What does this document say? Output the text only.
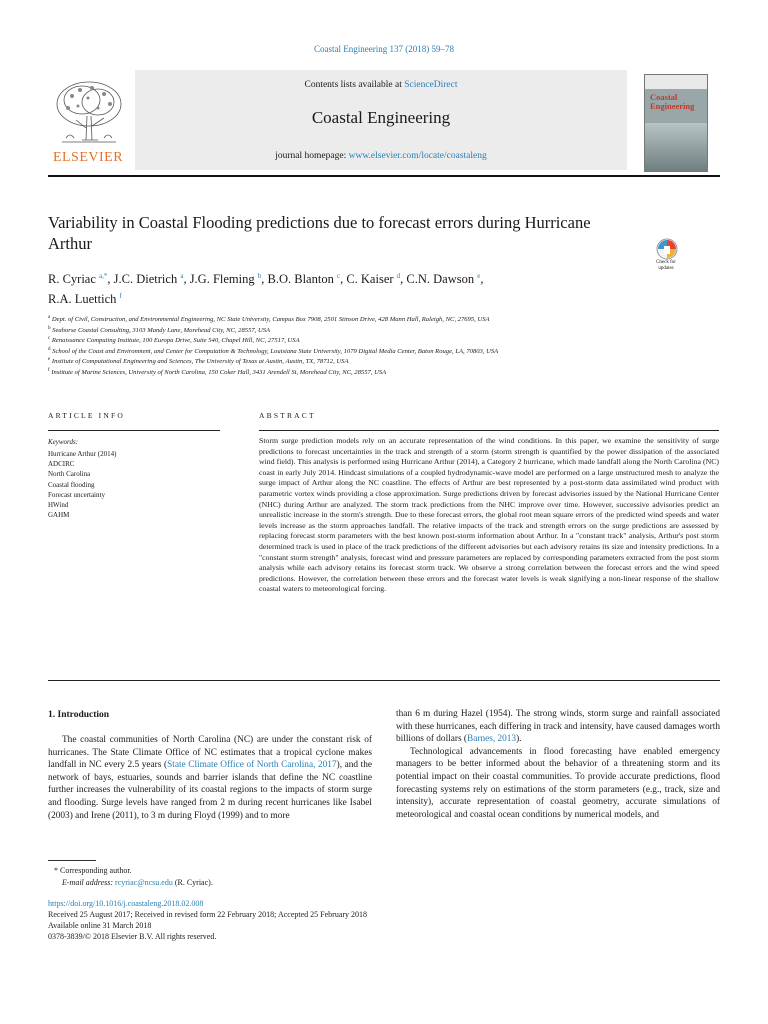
Coastal Engineering 137 (2018) 59–78
ELSEVIER
Contents lists available at ScienceDirect
Coastal Engineering
journal homepage: www.elsevier.com/locate/coastaleng
Coastal
Engineering
Variability in Coastal Flooding predictions due to forecast errors during Hurricane Arthur
Check for updates
R. Cyriac $^{a,*}$, J.C. Dietrich $^a$, J.G. Fleming $^b$, B.O. Blanton $^c$, C. Kaiser $^d$, C.N. Dawson $^e$,
R.A. Luettich $^f$
$^a$ Dept. of Civil, Construction, and Environmental Engineering, NC State University, Campus Box 7908, 2501 Stinson Drive, 428 Mann Hall, Raleigh, NC, 27695, USA
$^b$ Seahorse Coastal Consulting, 3103 Mandy Lane, Morehead City, NC, 28557, USA
$^c$ Renaissance Computing Institute, 100 Europa Drive, Suite 540, Chapel Hill, NC, 27517, USA
$^d$ School of the Coast and Environment, and Center for Computation & Technology, Louisiana State University, 1079 Digital Media Center, Baton Rouge, LA, 70803, USA
$^e$ Institute of Computational Engineering and Sciences, The University of Texas at Austin, Austin, TX, 78712, USA
$^f$ Institute of Marine Sciences, University of North Carolina, 150 Coker Hall, 3431 Arendell St, Morehead City, NC, 28557, USA
ARTICLE INFO	ABSTRACT
Keywords:
Hurricane Arthur (2014)
ADCIRC
North Carolina
Coastal flooding
Forecast uncertainty
HWind
GAHM
Storm surge prediction models rely on an accurate representation of the wind conditions. In this paper, we examine the sensitivity of surge predictions to forecast uncertainties in the track and strength of a storm (storm strength is quantified by the power dissipation of the associated wind field). This analysis is performed using Hurricane Arthur (2014), a Category 2 hurricane, which made landfall along the North Carolina (NC) coast in early July 2014. Hindcast simulations of a coupled hydrodynamic-wave model are performed on a large unstructured mesh to analyze the surge impact of Arthur along the NC coastline. The effects of Arthur are best represented by a post-storm data assimilated wind product with parametric vortex winds providing a close approximation. Surge predictions driven by forecast advisories issued by the National Hurricane Center (NHC) during Arthur are analyzed. The storm track predictions from the NHC improve over time. However, successive advisories predict an unrealistic increase in the storm's strength. Due to these forecast errors, the global root mean square errors of the predicted wind speeds and water levels increase as the storm approaches landfall. The relative impacts of the track and strength errors on the surge predictions are assessed by replacing forecast storm parameters with the best known post-storm information about Arthur. In a "constant track" analysis, Arthur's post storm determined track is used in place of the track predictions of the different advisories but each advisory retains its size and intensity predictions. In a "constant storm strength" analysis, forecast wind and pressure parameters are replaced by corresponding parameters extracted from the post storm analysis while each advisory retains its forecast storm track. We observe a strong correlation between the forecast errors and the wind speed predictions. However, the correlation between these errors and the forecast water levels is weak signifying a non-linear response of the shallow coastal waters to meteorological forcing.
1. Introduction

The coastal communities of North Carolina (NC) are under the constant risk of hurricanes. The State Climate Office of NC estimates that a tropical cyclone makes landfall in NC every 2.5 years (State Climate Office of North Carolina, 2017), and the network of bays, estuaries, sounds and barrier islands that define the NC coastline further increases the vulnerability of its coastal regions to the impacts of storm surge and flooding. Surge levels have ranged from 2 m during recent hurricanes like Isabel (2003) and Irene (2011), to 3 m during Floyd (1999) and to more

than 6 m during Hazel (1954). The strong winds, storm surge and rainfall associated with these hurricanes, each differing in track and intensity, have caused damages worth billions of dollars (Barnes, 2013).

Technological advancements in flood forecasting have enabled emergency managers to be better informed about the behavior of a threatening storm and its potential impact on their coastal communities. To provide accurate predictions, flood forecasting systems rely on estimations of the storm parameters (e.g., track, size and intensity), accurate representation of coastal geometry, accurate simulations of meteorological and coastal ocean conditions by numerical models, and

* Corresponding author.
E-mail address: rcyriac@ncsu.edu (R. Cyriac).
https://doi.org/10.1016/j.coastaleng.2018.02.008
Received 25 August 2017; Received in revised form 22 February 2018; Accepted 25 February 2018
Available online 31 March 2018
0378-3839/© 2018 Elsevier B.V. All rights reserved.
